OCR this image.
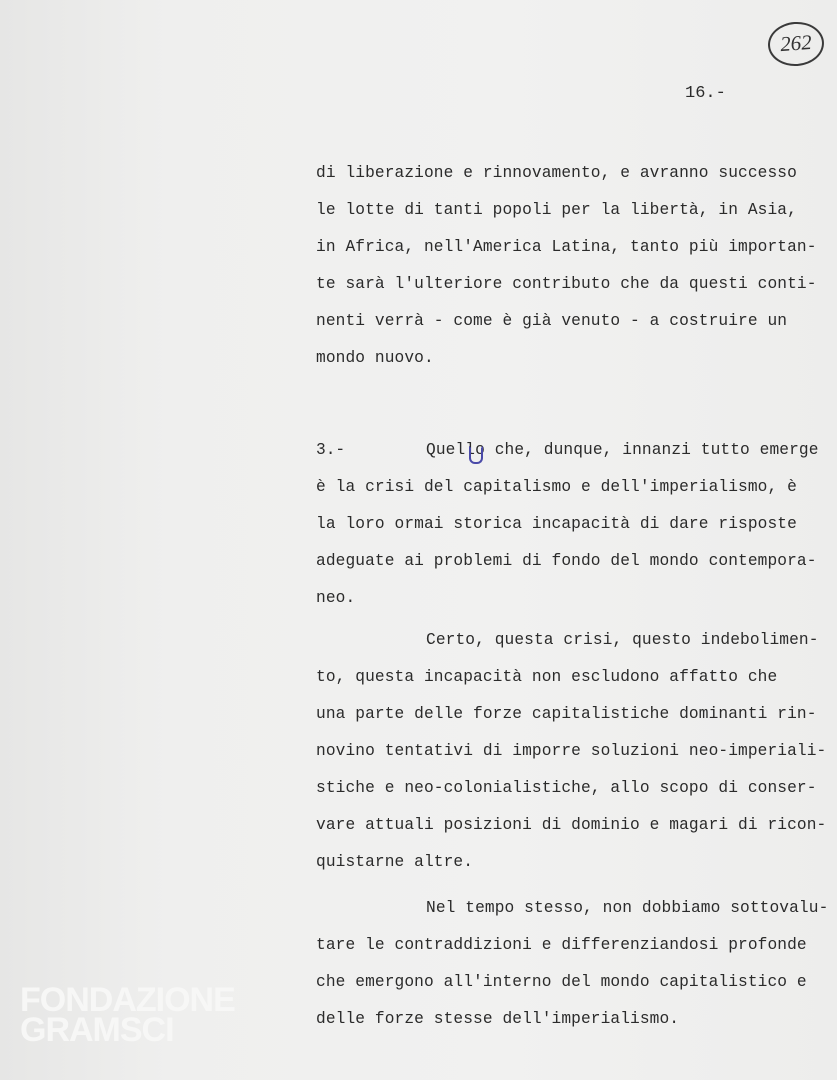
FONDAZIONE
GRAMSCI
262
16.-
di liberazione e rinnovamento, e avranno successo
le lotte di tanti popoli per la libertà, in Asia,
in Africa, nell'America Latina, tanto più importan-
te sarà l'ulteriore contributo che da questi conti-
nenti verrà - come è già venuto - a costruire un
mondo nuovo.
3.-	Quello che, dunque, innanzi tutto emerge
è la crisi del capitalismo e dell'imperialismo, è
la loro ormai storica incapacità di dare risposte
adeguate ai problemi di fondo del mondo contempora-
neo.
Certo, questa crisi, questo indebolimen-
to, questa incapacità non escludono affatto che
una parte delle forze capitalistiche dominanti rin-
novino tentativi di imporre soluzioni neo-imperiali-
stiche e neo-colonialistiche, allo scopo di conser-
vare attuali posizioni di dominio e magari di ricon-
quistarne altre.
Nel tempo stesso, non dobbiamo sottovalu-
tare le contraddizioni e differenziandosi profonde
che emergono all'interno del mondo capitalistico e
delle forze stesse dell'imperialismo.
